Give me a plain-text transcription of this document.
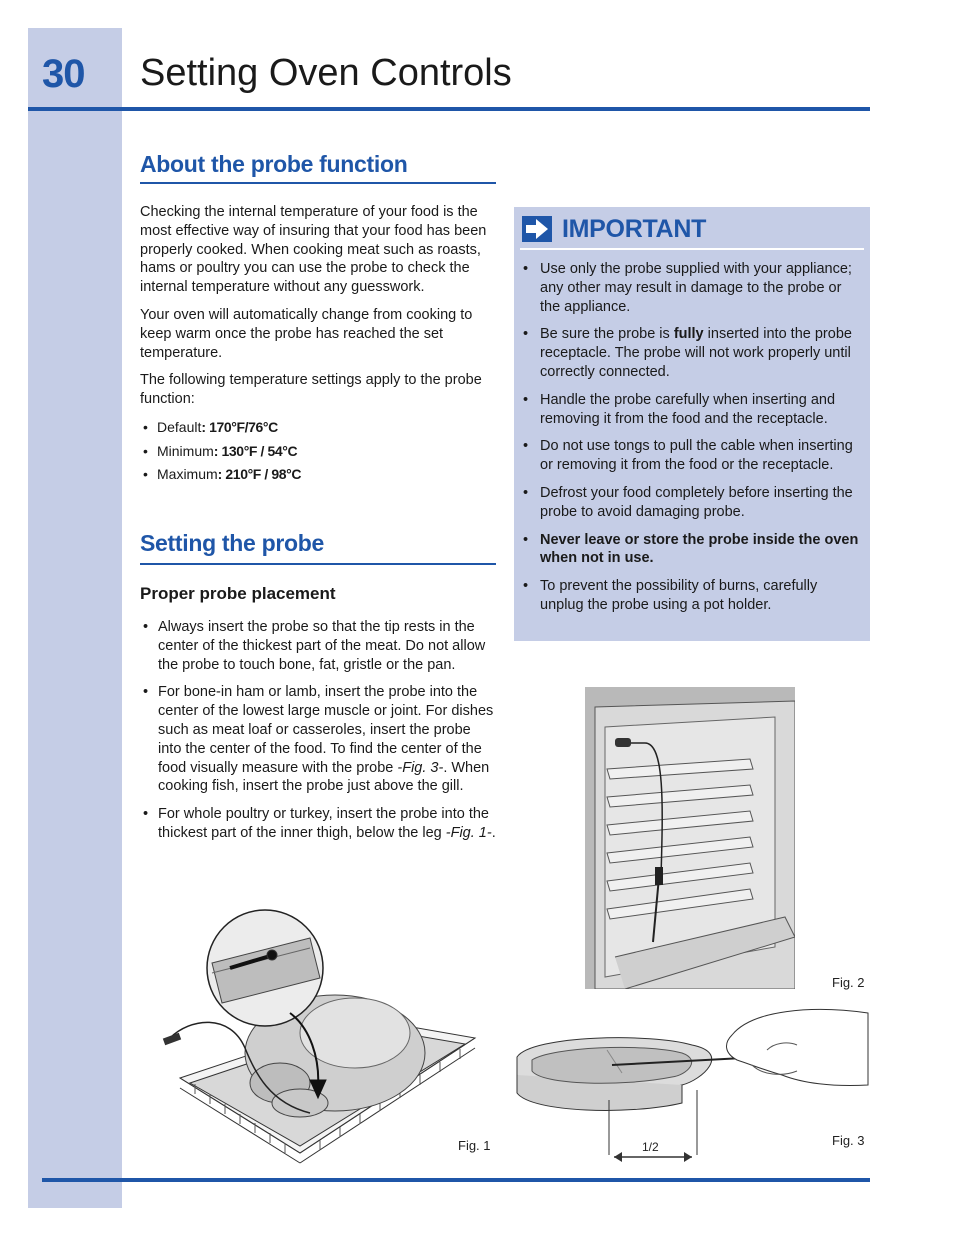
30 Setting Oven Controls
About the probe function

Checking the internal temperature of your food is the most effective way of insuring that your food has been properly cooked. When cooking meat such as roasts, hams or poultry you can use the probe to check the internal temperature without any guesswork.

Your oven will automatically change from cooking to keep warm once the probe has reached the set temperature.

The following temperature settings apply to the probe function:

• Default: 170°F/76°C
• Minimum: 130°F / 54°C
• Maximum: 210°F / 98°C
Setting the probe
Proper probe placement
• Always insert the probe so that the tip rests in the center of the thickest part of the meat. Do not allow the probe to touch bone, fat, gristle or the pan.
• For bone-in ham or lamb, insert the probe into the center of the lowest large muscle or joint. For dishes such as meat loaf or casseroles, insert the probe into the center of the food. To find the center of the food visually measure with the probe -Fig. 3-. When cooking fish, insert the probe just above the gill.
• For whole poultry or turkey, insert the probe into the thickest part of the inner thigh, below the leg -Fig. 1-.
IMPORTANT
• Use only the probe supplied with your appliance; any other may result in damage to the probe or the appliance.
• Be sure the probe is fully inserted into the probe receptacle. The probe will not work properly until correctly connected.
• Handle the probe carefully when inserting and removing it from the food and the receptacle.
• Do not use tongs to pull the cable when inserting or removing it from the food or the receptacle.
• Defrost your food completely before inserting the probe to avoid damaging probe.
• Never leave or store the probe inside the oven when not in use.
• To prevent the possibility of burns, carefully unplug the probe using a pot holder.
Fig. 1
Fig. 2
1/2	Fig. 3
